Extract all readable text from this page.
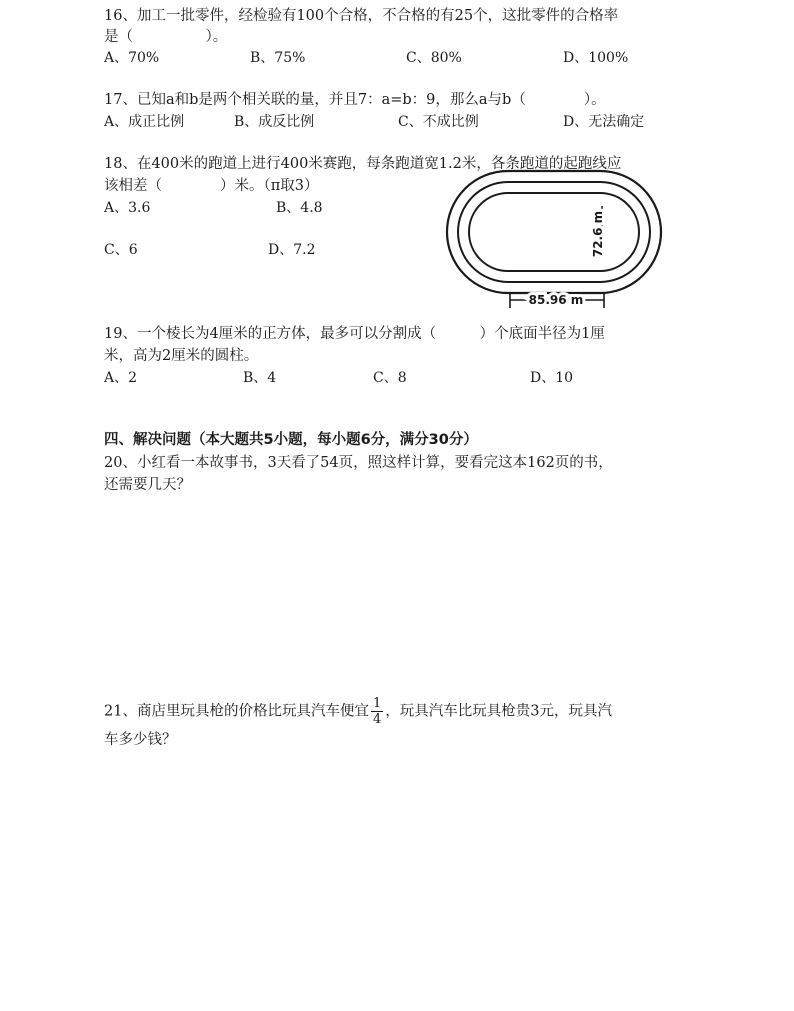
16、加工一批零件，经检验有100个合格，不合格的有25个，这批零件的合格率
是（　　　　　）。
A、70%	B、75%	C、80%	D、100%
17、已知a和b是两个相关联的量，并且7：a=b：9，那么a与b（　　　　）。
A、成正比例	B、成反比例	C、不成比例	D、无法确定
18、在400米的跑道上进行400米赛跑，每条跑道宽1.2米，各条跑道的起跑线应
该相差（　　　　）米。（π取3）
A、3.6	B、4.8
C、6	D、7.2	72.6 m
85.96 m
19、一个棱长为4厘米的正方体，最多可以分割成（　　　）个底面半径为1厘
米，高为2厘米的圆柱。
A、2	B、4	C、8	D、10
四、解决问题（本大题共5小题，每小题6分，满分30分）
20、小红看一本故事书，3天看了54页，照这样计算，要看完这本162页的书，
还需要几天？
21、商店里玩具枪的价格比玩具汽车便宜 $\frac{1}{4}$ ，玩具汽车比玩具枪贵3元，玩具汽
车多少钱？
